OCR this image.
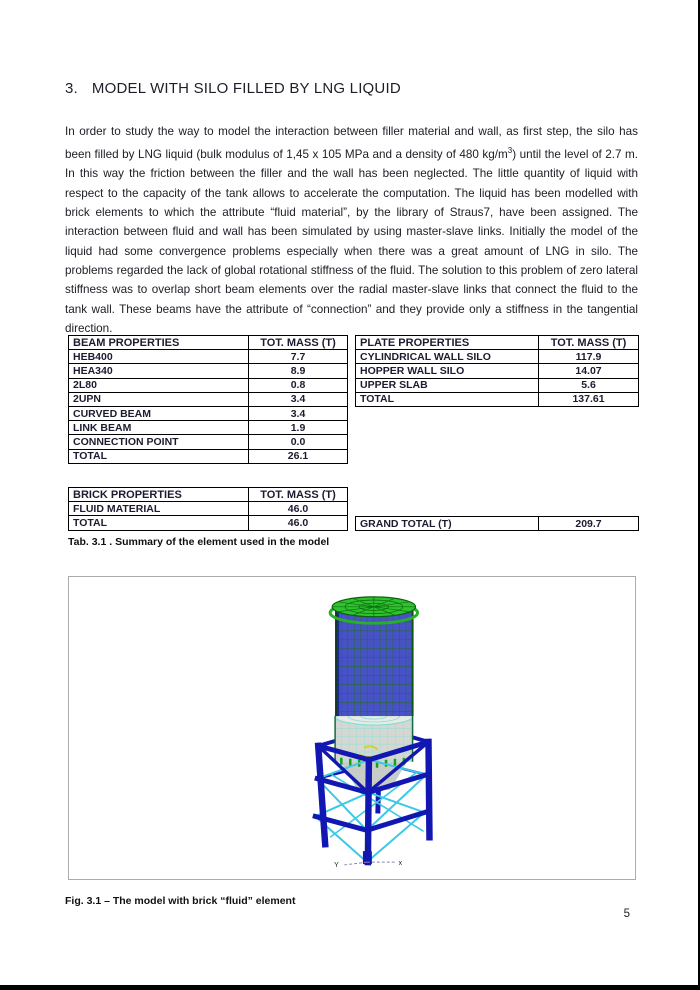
3. MODEL WITH SILO FILLED BY LNG LIQUID
In order to study the way to model the interaction between filler material and wall, as first step, the silo has been filled by LNG liquid (bulk modulus of 1,45 x 105 MPa and a density of 480 $kg/m^3$) until the level of 2.7 m. In this way the friction between the filler and the wall has been neglected. The little quantity of liquid with respect to the capacity of the tank allows to accelerate the computation. The liquid has been modelled with brick elements to which the attribute “fluid material”, by the library of Straus7, have been assigned. The interaction between fluid and wall has been simulated by using master-slave links. Initially the model of the liquid had some convergence problems especially when there was a great amount of LNG in silo. The problems regarded the lack of global rotational stiffness of the fluid. The solution to this problem of zero lateral stiffness was to overlap short beam elements over the radial master-slave links that connect the fluid to the tank wall. These beams have the attribute of “connection” and they provide only a stiffness in the tangential direction.
BEAM PROPERTIES	TOT. MASS (T)
HEB400	7.7
HEA340	8.9
2L80	0.8
2UPN	3.4
CURVED BEAM	3.4
LINK BEAM	1.9
CONNECTION POINT	0.0
TOTAL	26.1
PLATE PROPERTIES	TOT. MASS (T)
CYLINDRICAL WALL SILO	117.9
HOPPER WALL SILO	14.07
UPPER SLAB	5.6
TOTAL	137.61
BRICK PROPERTIES	TOT. MASS (T)
FLUID MATERIAL	46.0
TOTAL	46.0	GRAND TOTAL (T)	209.7
Tab. 3.1 . Summary of the element used in the model
x
Y
z
Fig. 3.1 – The model with brick “fluid” element
5
